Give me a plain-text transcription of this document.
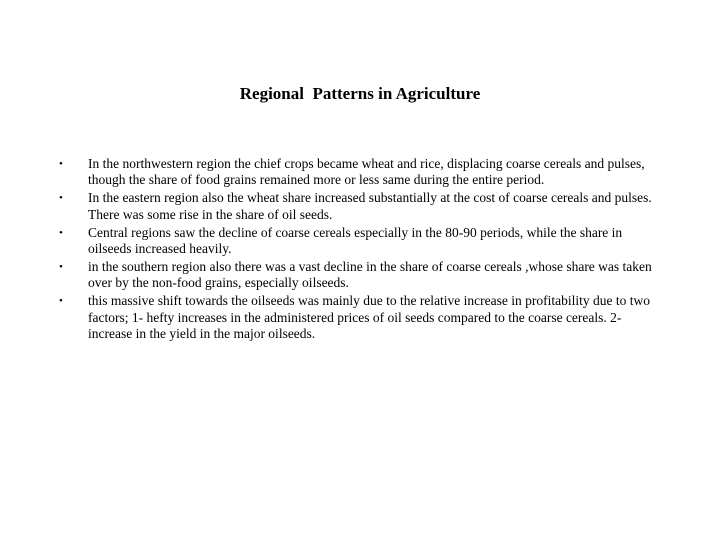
Regional  Patterns in Agriculture
• In the northwestern region the chief crops became wheat and rice, displacing coarse cereals and pulses, though the share of food grains remained more or less same during the entire period.
• In the eastern region also the wheat share increased substantially at the cost of coarse cereals and pulses. There was some rise in the share of oil seeds.
• Central regions saw the decline of coarse cereals especially in the 80-90 periods, while the share in oilseeds increased heavily.
• in the southern region also there was a vast decline in the share of coarse cereals ,whose share was taken over by the non-food grains, especially oilseeds.
• this massive shift towards the oilseeds was mainly due to the relative increase in profitability due to two factors; 1- hefty increases in the administered prices of oil seeds compared to the coarse cereals. 2- increase in the yield in the major oilseeds.
